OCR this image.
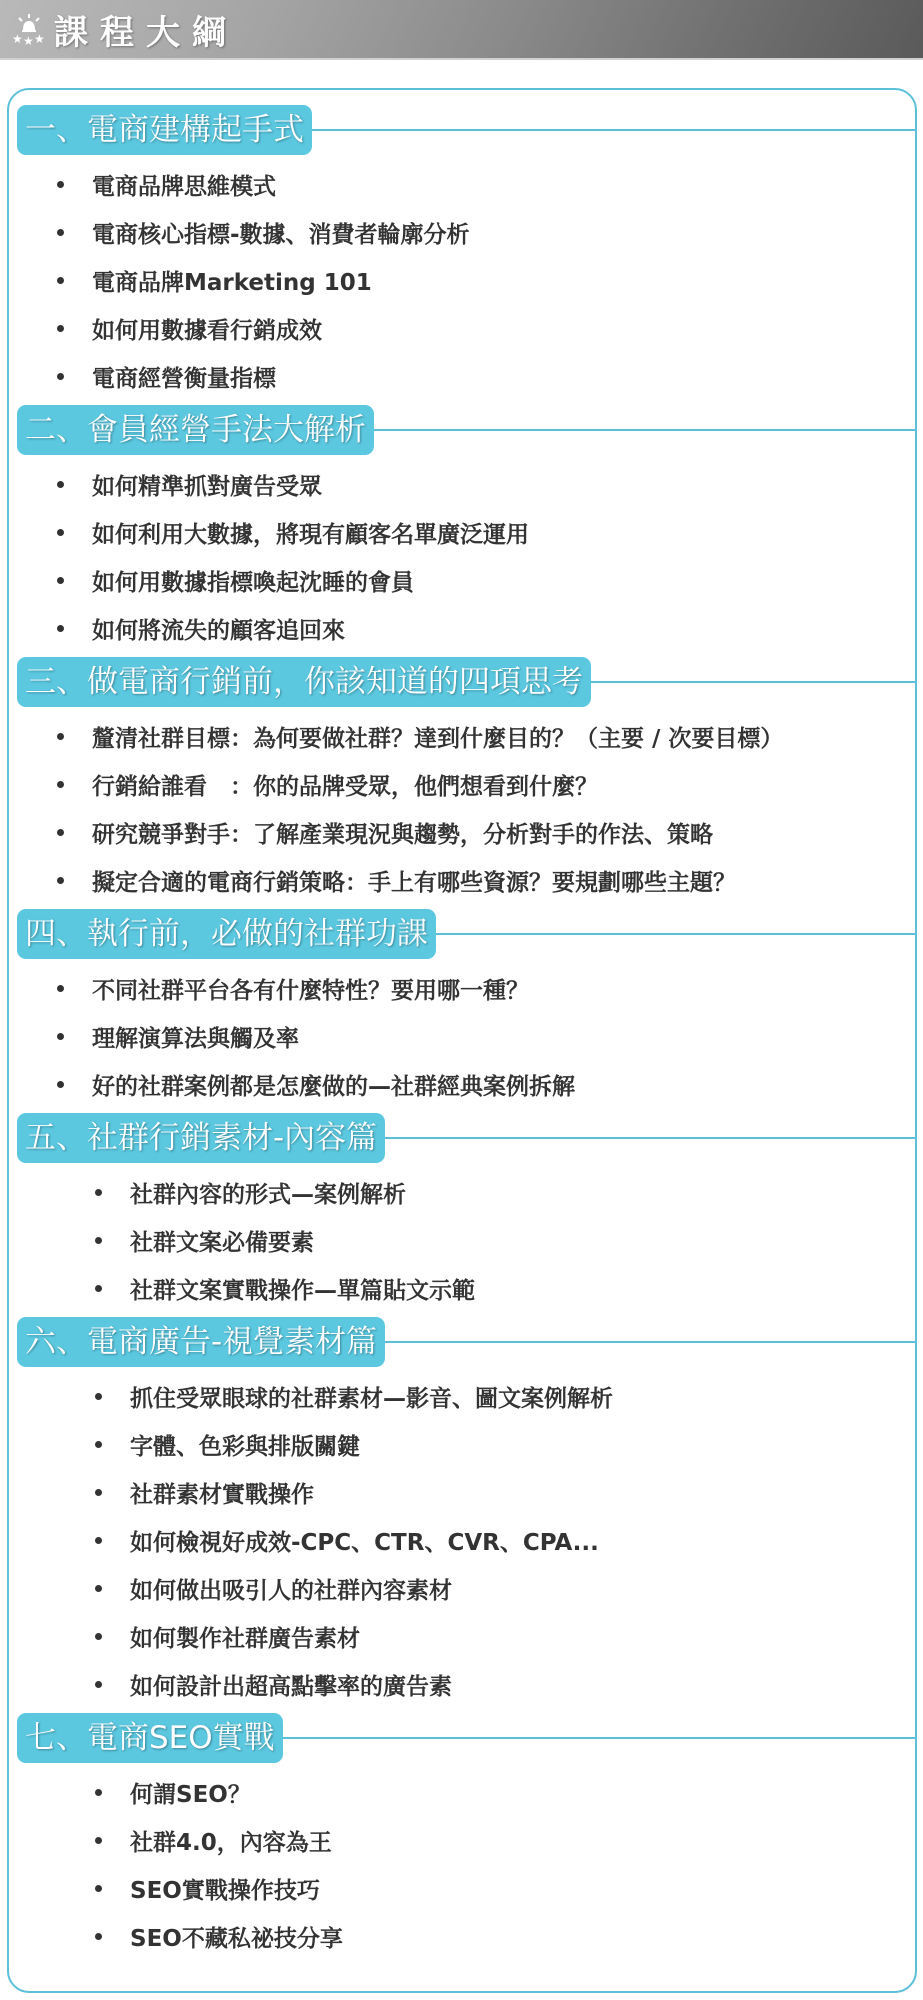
★ ★ ★ 課程大綱
一、電商建構起手式
電商品牌思維模式
電商核心指標-數據、消費者輪廓分析
電商品牌Marketing 101
如何用數據看行銷成效
電商經營衡量指標
二、會員經營手法大解析
如何精準抓對廣告受眾
如何利用大數據，將現有顧客名單廣泛運用
如何用數據指標喚起沈睡的會員
如何將流失的顧客追回來
三、做電商行銷前，你該知道的四項思考
釐清社群目標：為何要做社群？達到什麼目的？（主要 / 次要目標）
行銷給誰看　：你的品牌受眾，他們想看到什麼？
研究競爭對手：了解產業現況與趨勢，分析對手的作法、策略
擬定合適的電商行銷策略：手上有哪些資源？要規劃哪些主題？
四、執行前，必做的社群功課
不同社群平台各有什麼特性？要用哪一種？
理解演算法與觸及率
好的社群案例都是怎麼做的—社群經典案例拆解
五、社群行銷素材-內容篇
社群內容的形式—案例解析
社群文案必備要素
社群文案實戰操作—單篇貼文示範
六、電商廣告-視覺素材篇
抓住受眾眼球的社群素材—影音、圖文案例解析
字體、色彩與排版關鍵
社群素材實戰操作
如何檢視好成效-CPC、CTR、CVR、CPA...
如何做出吸引人的社群內容素材
如何製作社群廣告素材
如何設計出超高點擊率的廣告素
七、電商SEO實戰
何謂SEO？
社群4.0，內容為王
SEO實戰操作技巧
SEO不藏私祕技分享
